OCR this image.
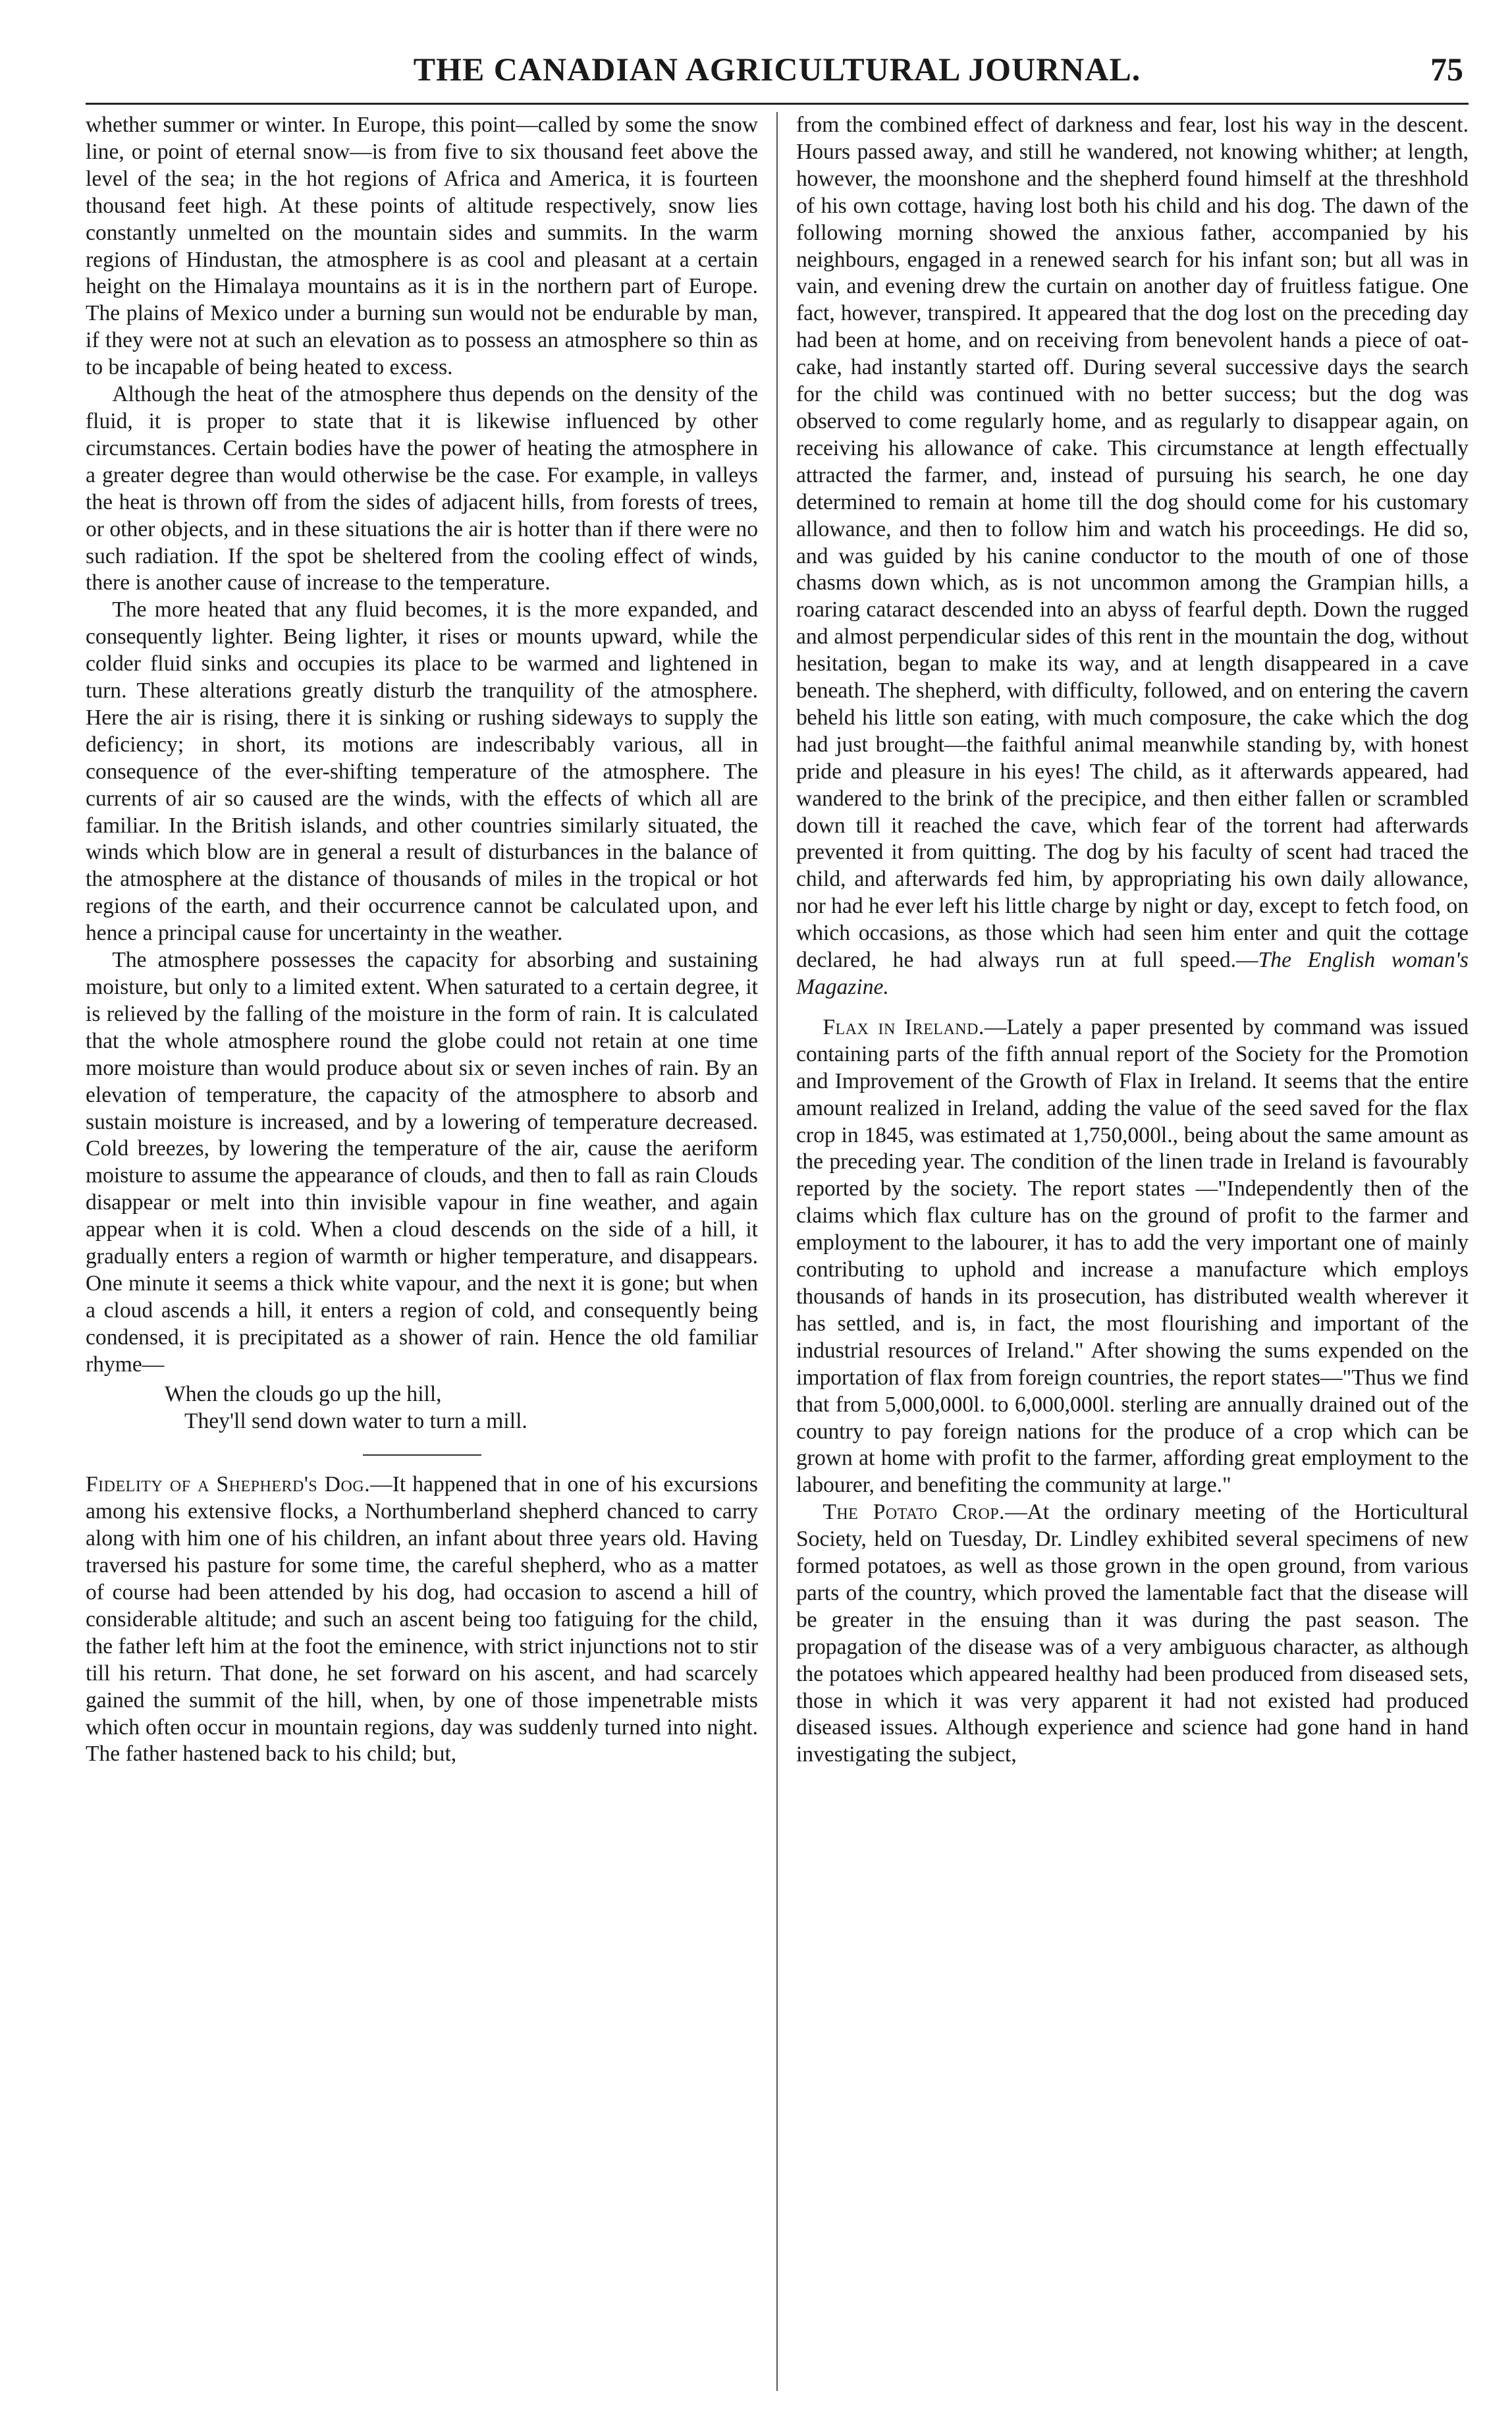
THE CANADIAN AGRICULTURAL JOURNAL.	75

whether summer or winter. In Europe, this point—called by some the snow line, or point of eternal snow—is from five to six thousand feet above the level of the sea; in the hot regions of Africa and America, it is fourteen thousand feet high. At these points of altitude respectively, snow lies constantly unmelted on the mountain sides and summits. In the warm regions of Hindustan, the atmosphere is as cool and pleasant at a certain height on the Himalaya mountains as it is in the northern part of Europe. The plains of Mexico under a burning sun would not be endurable by man, if they were not at such an elevation as to possess an atmosphere so thin as to be incapable of being heated to excess.

Although the heat of the atmosphere thus depends on the density of the fluid, it is proper to state that it is likewise influenced by other circumstances. Certain bodies have the power of heating the atmosphere in a greater degree than would otherwise be the case. For example, in valleys the heat is thrown off from the sides of adjacent hills, from forests of trees, or other objects, and in these situations the air is hotter than if there were no such radiation. If the spot be sheltered from the cooling effect of winds, there is another cause of increase to the temperature.

The more heated that any fluid becomes, it is the more expanded, and consequently lighter. Being lighter, it rises or mounts upward, while the colder fluid sinks and occupies its place to be warmed and lightened in turn. These alterations greatly disturb the tranquility of the atmosphere. Here the air is rising, there it is sinking or rushing sideways to supply the deficiency; in short, its motions are indescribably various, all in consequence of the ever-shifting temperature of the atmosphere. The currents of air so caused are the winds, with the effects of which all are familiar. In the British islands, and other countries similarly situated, the winds which blow are in general a result of disturbances in the balance of the atmosphere at the distance of thousands of miles in the tropical or hot regions of the earth, and their occurrence cannot be calculated upon, and hence a principal cause for uncertainty in the weather.

The atmosphere possesses the capacity for absorbing and sustaining moisture, but only to a limited extent. When saturated to a certain degree, it is relieved by the falling of the moisture in the form of rain. It is calculated that the whole atmosphere round the globe could not retain at one time more moisture than would produce about six or seven inches of rain. By an elevation of temperature, the capacity of the atmosphere to absorb and sustain moisture is increased, and by a lowering of temperature decreased. Cold breezes, by lowering the temperature of the air, cause the aeriform moisture to assume the appearance of clouds, and then to fall as rain Clouds disappear or melt into thin invisible vapour in fine weather, and again appear when it is cold. When a cloud descends on the side of a hill, it gradually enters a region of warmth or higher temperature, and disappears. One minute it seems a thick white vapour, and the next it is gone; but when a cloud ascends a hill, it enters a region of cold, and consequently being condensed, it is precipitated as a shower of rain. Hence the old familiar rhyme—

When the clouds go up the hill,
They'll send down water to turn a mill.

Fidelity of a Shepherd's Dog.—It happened that in one of his excursions among his extensive flocks, a Northumberland shepherd chanced to carry along with him one of his children, an infant about three years old. Having traversed his pasture for some time, the careful shepherd, who as a matter of course had been attended by his dog, had occasion to ascend a hill of considerable altitude; and such an ascent being too fatiguing for the child, the father left him at the foot the eminence, with strict injunctions not to stir till his return. That done, he set forward on his ascent, and had scarcely gained the summit of the hill, when, by one of those impenetrable mists which often occur in mountain regions, day was suddenly turned into night. The father hastened back to his child; but,

from the combined effect of darkness and fear, lost his way in the descent. Hours passed away, and still he wandered, not knowing whither; at length, however, the moonshone and the shepherd found himself at the threshhold of his own cottage, having lost both his child and his dog. The dawn of the following morning showed the anxious father, accompanied by his neighbours, engaged in a renewed search for his infant son; but all was in vain, and evening drew the curtain on another day of fruitless fatigue. One fact, however, transpired. It appeared that the dog lost on the preceding day had been at home, and on receiving from benevolent hands a piece of oat-cake, had instantly started off. During several successive days the search for the child was continued with no better success; but the dog was observed to come regularly home, and as regularly to disappear again, on receiving his allowance of cake. This circumstance at length effectually attracted the farmer, and, instead of pursuing his search, he one day determined to remain at home till the dog should come for his customary allowance, and then to follow him and watch his proceedings. He did so, and was guided by his canine conductor to the mouth of one of those chasms down which, as is not uncommon among the Grampian hills, a roaring cataract descended into an abyss of fearful depth. Down the rugged and almost perpendicular sides of this rent in the mountain the dog, without hesitation, began to make its way, and at length disappeared in a cave beneath. The shepherd, with difficulty, followed, and on entering the cavern beheld his little son eating, with much composure, the cake which the dog had just brought—the faithful animal meanwhile standing by, with honest pride and pleasure in his eyes! The child, as it afterwards appeared, had wandered to the brink of the precipice, and then either fallen or scrambled down till it reached the cave, which fear of the torrent had afterwards prevented it from quitting. The dog by his faculty of scent had traced the child, and afterwards fed him, by appropriating his own daily allowance, nor had he ever left his little charge by night or day, except to fetch food, on which occasions, as those which had seen him enter and quit the cottage declared, he had always run at full speed.—The English woman's Magazine.

Flax in Ireland.—Lately a paper presented by command was issued containing parts of the fifth annual report of the Society for the Promotion and Improvement of the Growth of Flax in Ireland. It seems that the entire amount realized in Ireland, adding the value of the seed saved for the flax crop in 1845, was estimated at 1,750,000l., being about the same amount as the preceding year. The condition of the linen trade in Ireland is favourably reported by the society. The report states —"Independently then of the claims which flax culture has on the ground of profit to the farmer and employment to the labourer, it has to add the very important one of mainly contributing to uphold and increase a manufacture which employs thousands of hands in its prosecution, has distributed wealth wherever it has settled, and is, in fact, the most flourishing and important of the industrial resources of Ireland." After showing the sums expended on the importation of flax from foreign countries, the report states—"Thus we find that from 5,000,000l. to 6,000,000l. sterling are annually drained out of the country to pay foreign nations for the produce of a crop which can be grown at home with profit to the farmer, affording great employment to the labourer, and benefiting the community at large."

The Potato Crop.—At the ordinary meeting of the Horticultural Society, held on Tuesday, Dr. Lindley exhibited several specimens of new formed potatoes, as well as those grown in the open ground, from various parts of the country, which proved the lamentable fact that the disease will be greater in the ensuing than it was during the past season. The propagation of the disease was of a very ambiguous character, as although the potatoes which appeared healthy had been produced from diseased sets, those in which it was very apparent it had not existed had produced diseased issues. Although experience and science had gone hand in hand investigating the subject,
